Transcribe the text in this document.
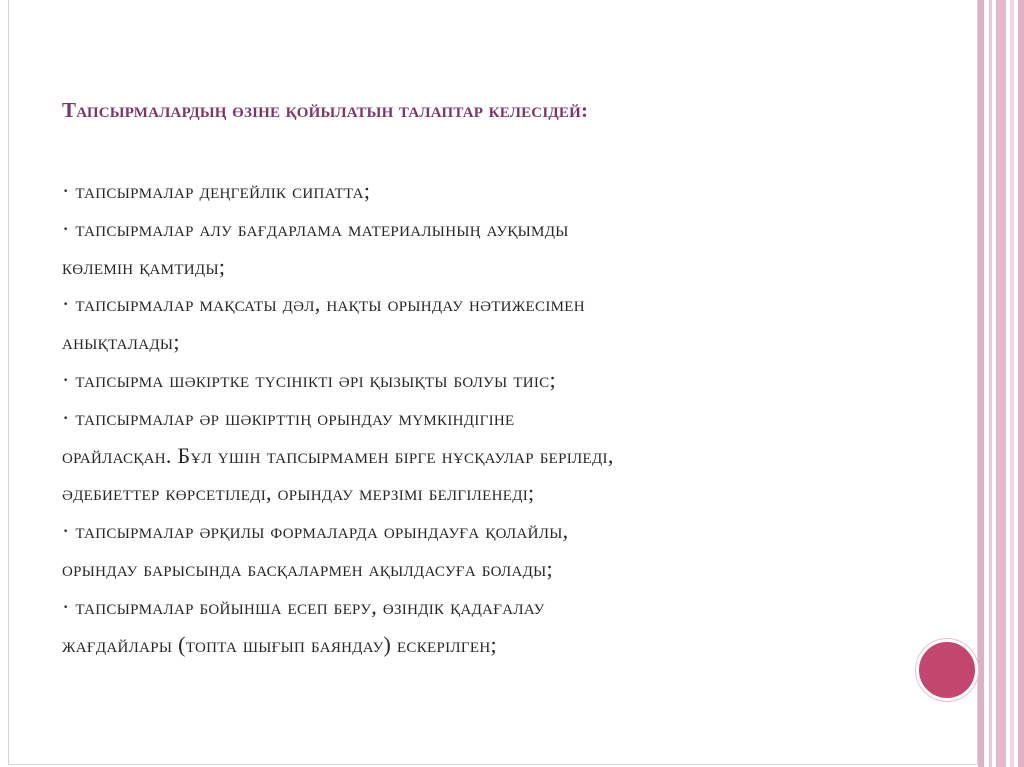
Тапсырмалардың өзіне қойылатын талаптар келесідей:
· тапсырмалар деңгейлік сипатта;
· тапсырмалар алу бағдарлама материалының ауқымды
көлемін қамтиды;
· тапсырмалар мақсаты дәл, нақты орындау нәтижесімен
анықталады;
· тапсырма шәкіртке түсінікті әрі қызықты болуы тиіс;
· тапсырмалар әр шәкірттің орындау мүмкіндігіне
орайласқан. Бұл үшін тапсырмамен бірге нұсқаулар беріледі,
әдебиеттер көрсетіледі, орындау мерзімі белгіленеді;
· тапсырмалар әрқилы формаларда орындауға қолайлы,
орындау барысында басқалармен ақылдасуға болады;
· тапсырмалар бойынша есеп беру, өзіндік қадағалау
жағдайлары (топта шығып баяндау) ескерілген;
